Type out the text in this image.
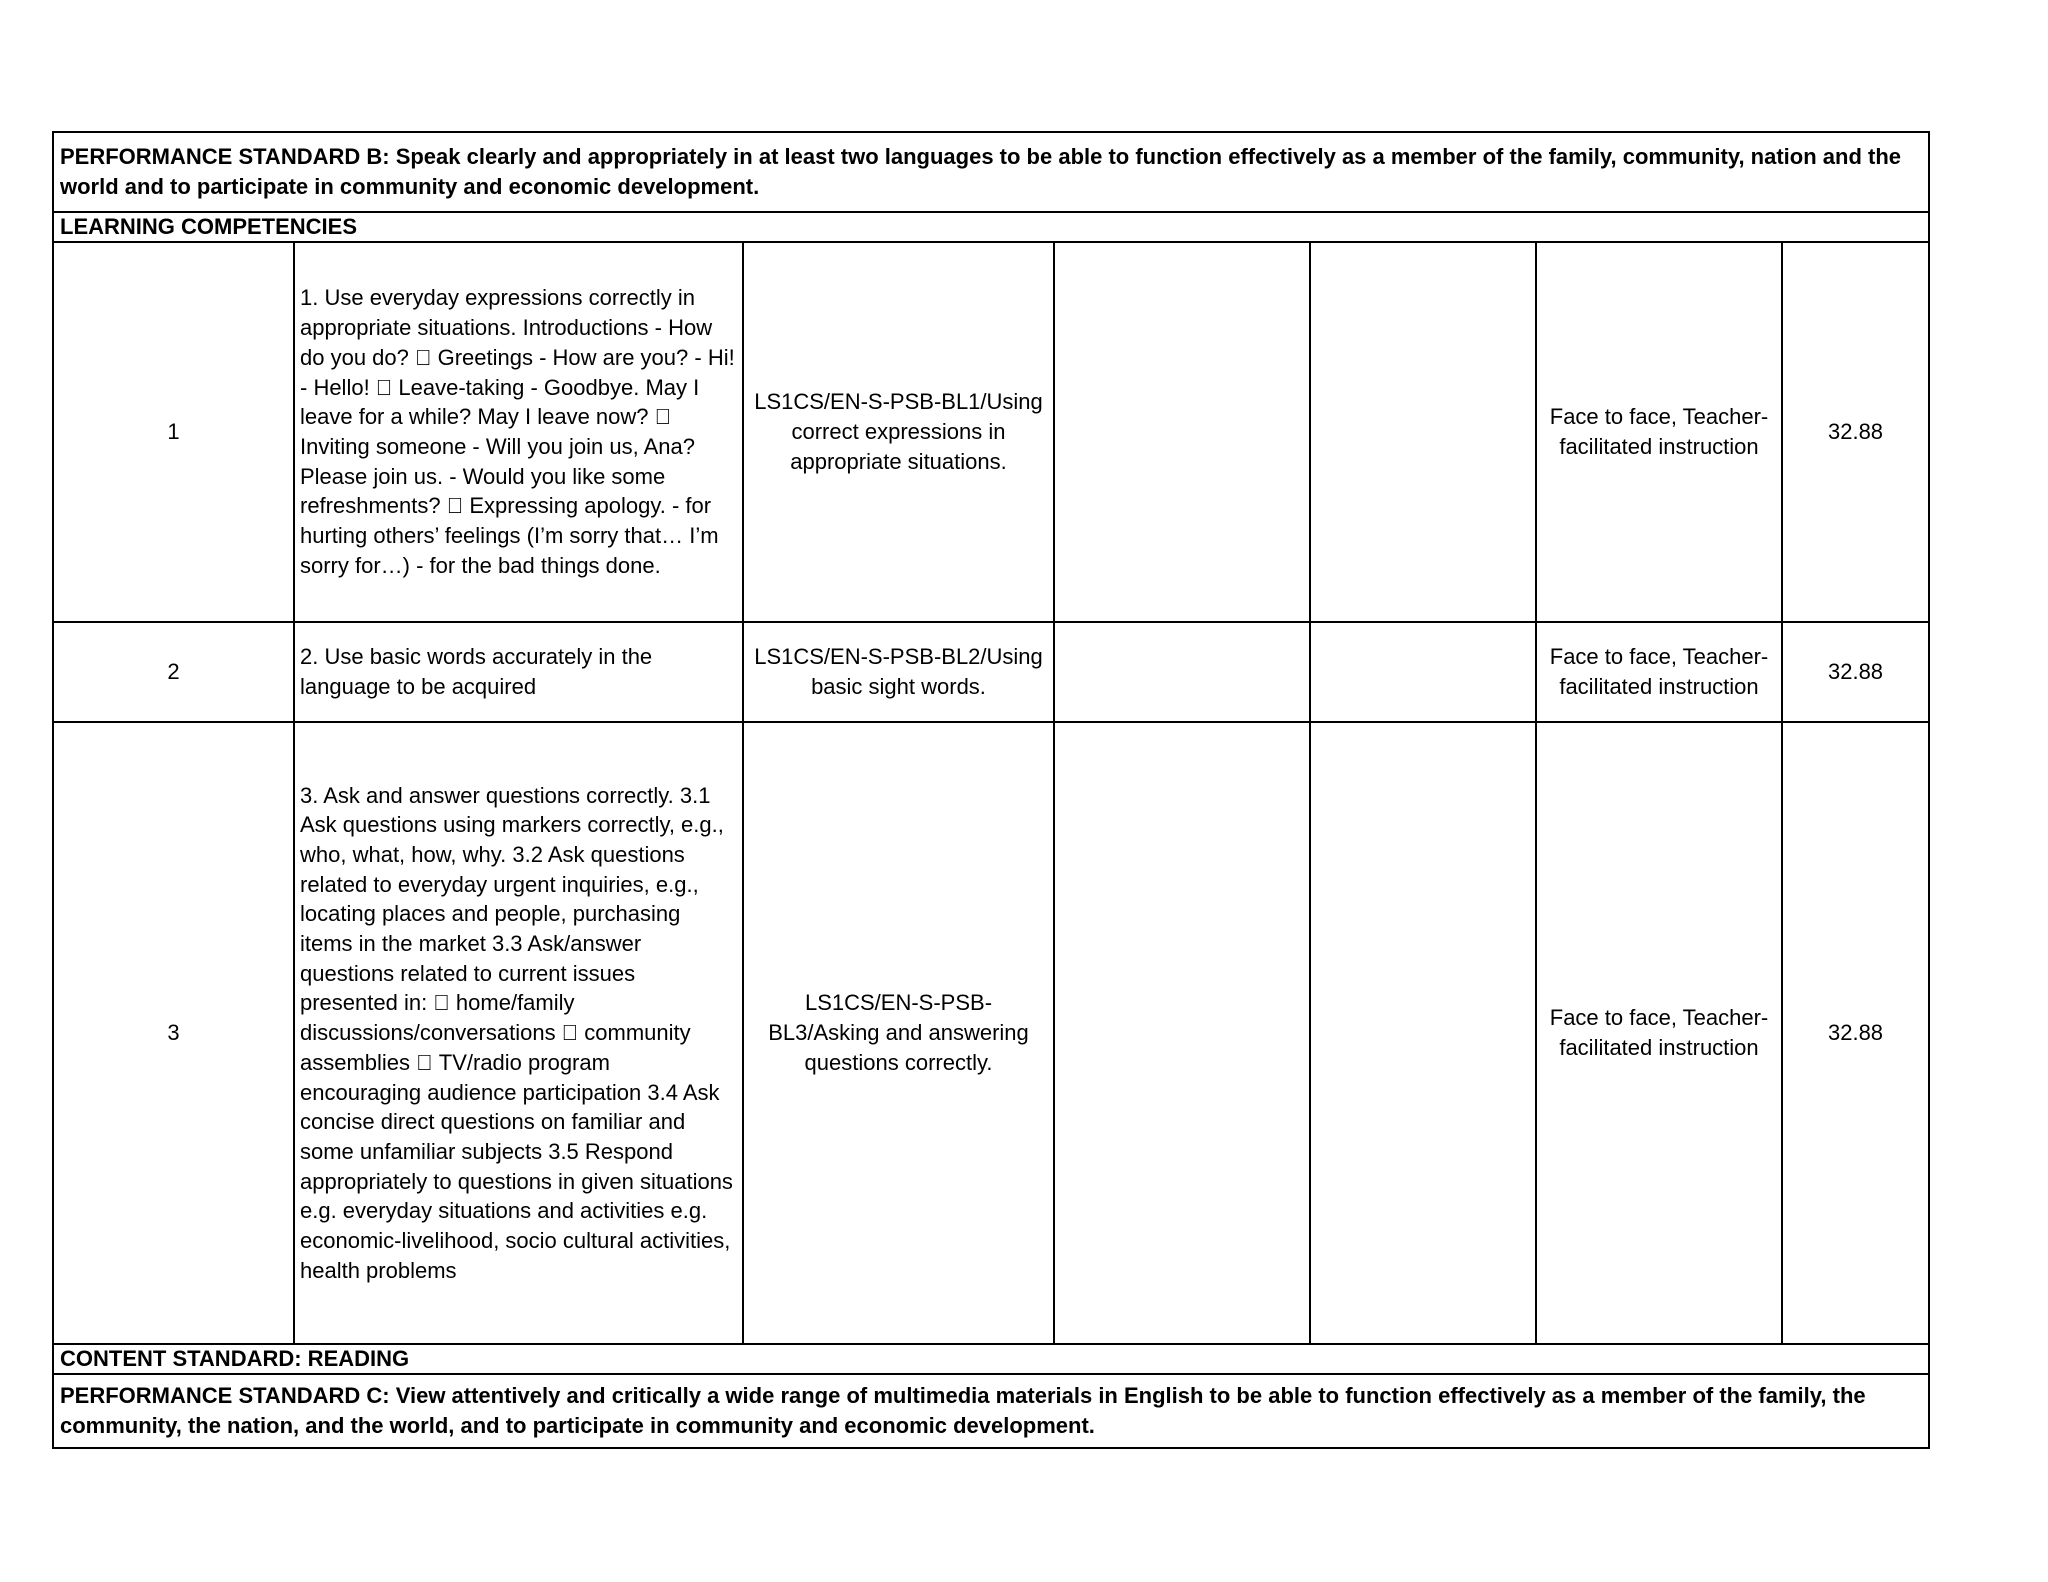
PERFORMANCE STANDARD B: Speak clearly and appropriately in at least two languages to be able to function effectively as a member of the family, community, nation and the world and to participate in community and economic development.						
LEARNING COMPETENCIES						
1	1. Use everyday expressions correctly in appropriate situations. Introductions - How do you do? Greetings - How are you? - Hi! - Hello! Leave-taking - Goodbye. May I leave for a while? May I leave now? Inviting someone - Will you join us, Ana? Please join us. - Would you like some refreshments? Expressing apology. - for hurting others’ feelings (I’m sorry that… I’m sorry for…) - for the bad things done.	LS1CS/EN-S-PSB-BL1/Using correct expressions in appropriate situations.			Face to face, Teacher-facilitated instruction	32.88
2	2. Use basic words accurately in the language to be acquired	LS1CS/EN-S-PSB-BL2/Using basic sight words.			Face to face, Teacher-facilitated instruction	32.88
3	3. Ask and answer questions correctly. 3.1 Ask questions using markers correctly, e.g., who, what, how, why. 3.2 Ask questions related to everyday urgent inquiries, e.g., locating places and people, purchasing items in the market 3.3 Ask/answer questions related to current issues presented in: home/family discussions/conversations community assemblies TV/radio program encouraging audience participation 3.4 Ask concise direct questions on familiar and some unfamiliar subjects 3.5 Respond appropriately to questions in given situations e.g. everyday situations and activities e.g. economic-livelihood, socio cultural activities, health problems	LS1CS/EN-S-PSB-BL3/Asking and answering questions correctly.			Face to face, Teacher-facilitated instruction	32.88
CONTENT STANDARD: READING						
PERFORMANCE STANDARD C: View attentively and critically a wide range of multimedia materials in English to be able to function effectively as a member of the family, the community, the nation, and the world, and to participate in community and economic development.						
